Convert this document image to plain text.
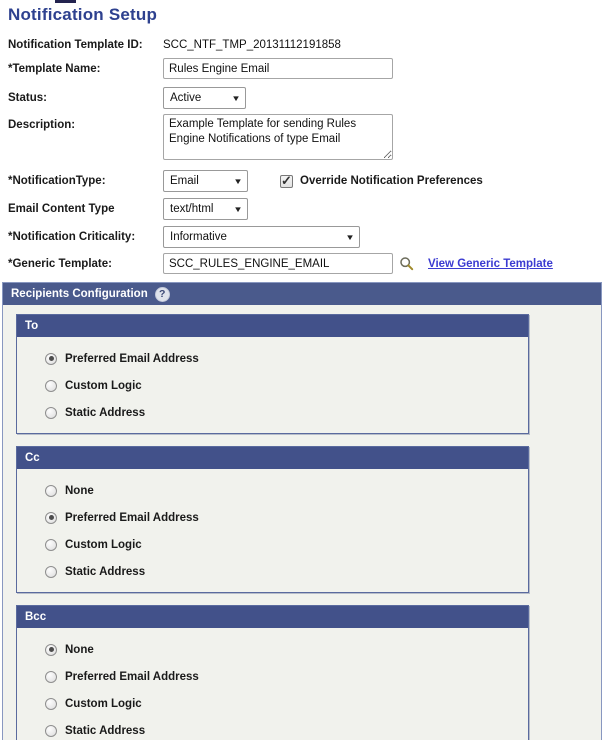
Notification Setup
Notification Template ID:	SCC_NTF_TMP_20131112191858
*Template Name:
Rules Engine Email
Status:	Active	▼
Description:
Example Template for sending Rules Engine Notifications of type Email
*NotificationType:	Email	▼	Override Notification Preferences
Email Content Type	text/html ▼
*Notification Criticality:	Informative	▼
*Generic Template:
SCC_RULES_ENGINE_EMAIL	View Generic Template
Recipients Configuration	?
To
Preferred Email Address
Custom Logic
Static Address
Cc
None
Preferred Email Address
Custom Logic
Static Address
Bcc
None
Preferred Email Address
Custom Logic
Static Address
